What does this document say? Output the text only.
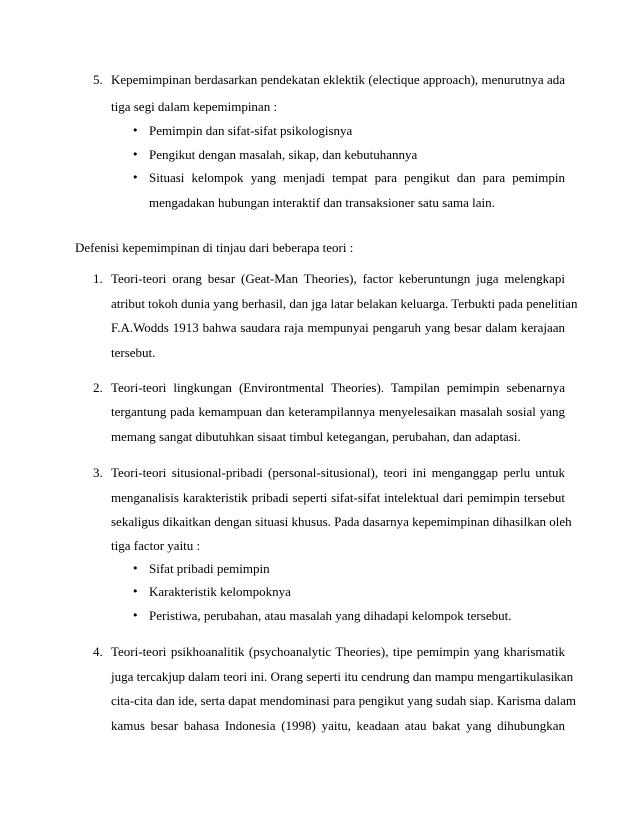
5. Kepemimpinan berdasarkan pendekatan eklektik (electique approach), menurutnya ada
tiga segi dalam kepemimpinan :
• Pemimpin dan sifat-sifat psikologisnya
• Pengikut dengan masalah, sikap, dan kebutuhannya
• Situasi kelompok yang menjadi tempat para pengikut dan para pemimpin
mengadakan hubungan interaktif dan transaksioner satu sama lain.
Defenisi kepemimpinan di tinjau dari beberapa teori :
1. Teori-teori orang besar (Geat-Man Theories), factor keberuntungn juga melengkapi
atribut tokoh dunia yang berhasil, dan jga latar belakan keluarga. Terbukti pada penelitian
F.A.Wodds 1913 bahwa saudara raja mempunyai pengaruh yang besar dalam kerajaan
tersebut.
2. Teori-teori lingkungan (Environtmental Theories). Tampilan pemimpin sebenarnya
tergantung pada kemampuan dan keterampilannya menyelesaikan masalah sosial yang
memang sangat dibutuhkan sisaat timbul ketegangan, perubahan, dan adaptasi.
3. Teori-teori situsional-pribadi (personal-situsional), teori ini menganggap perlu untuk
menganalisis karakteristik pribadi seperti sifat-sifat intelektual dari pemimpin tersebut
sekaligus dikaitkan dengan situasi khusus. Pada dasarnya kepemimpinan dihasilkan oleh
tiga factor yaitu :
• Sifat pribadi pemimpin
• Karakteristik kelompoknya
• Peristiwa, perubahan, atau masalah yang dihadapi kelompok tersebut.
4. Teori-teori psikhoanalitik (psychoanalytic Theories), tipe pemimpin yang kharismatik
juga tercakjup dalam teori ini. Orang seperti itu cendrung dan mampu mengartikulasikan
cita-cita dan ide, serta dapat mendominasi para pengikut yang sudah siap. Karisma dalam
kamus besar bahasa Indonesia (1998) yaitu, keadaan atau bakat yang dihubungkan
